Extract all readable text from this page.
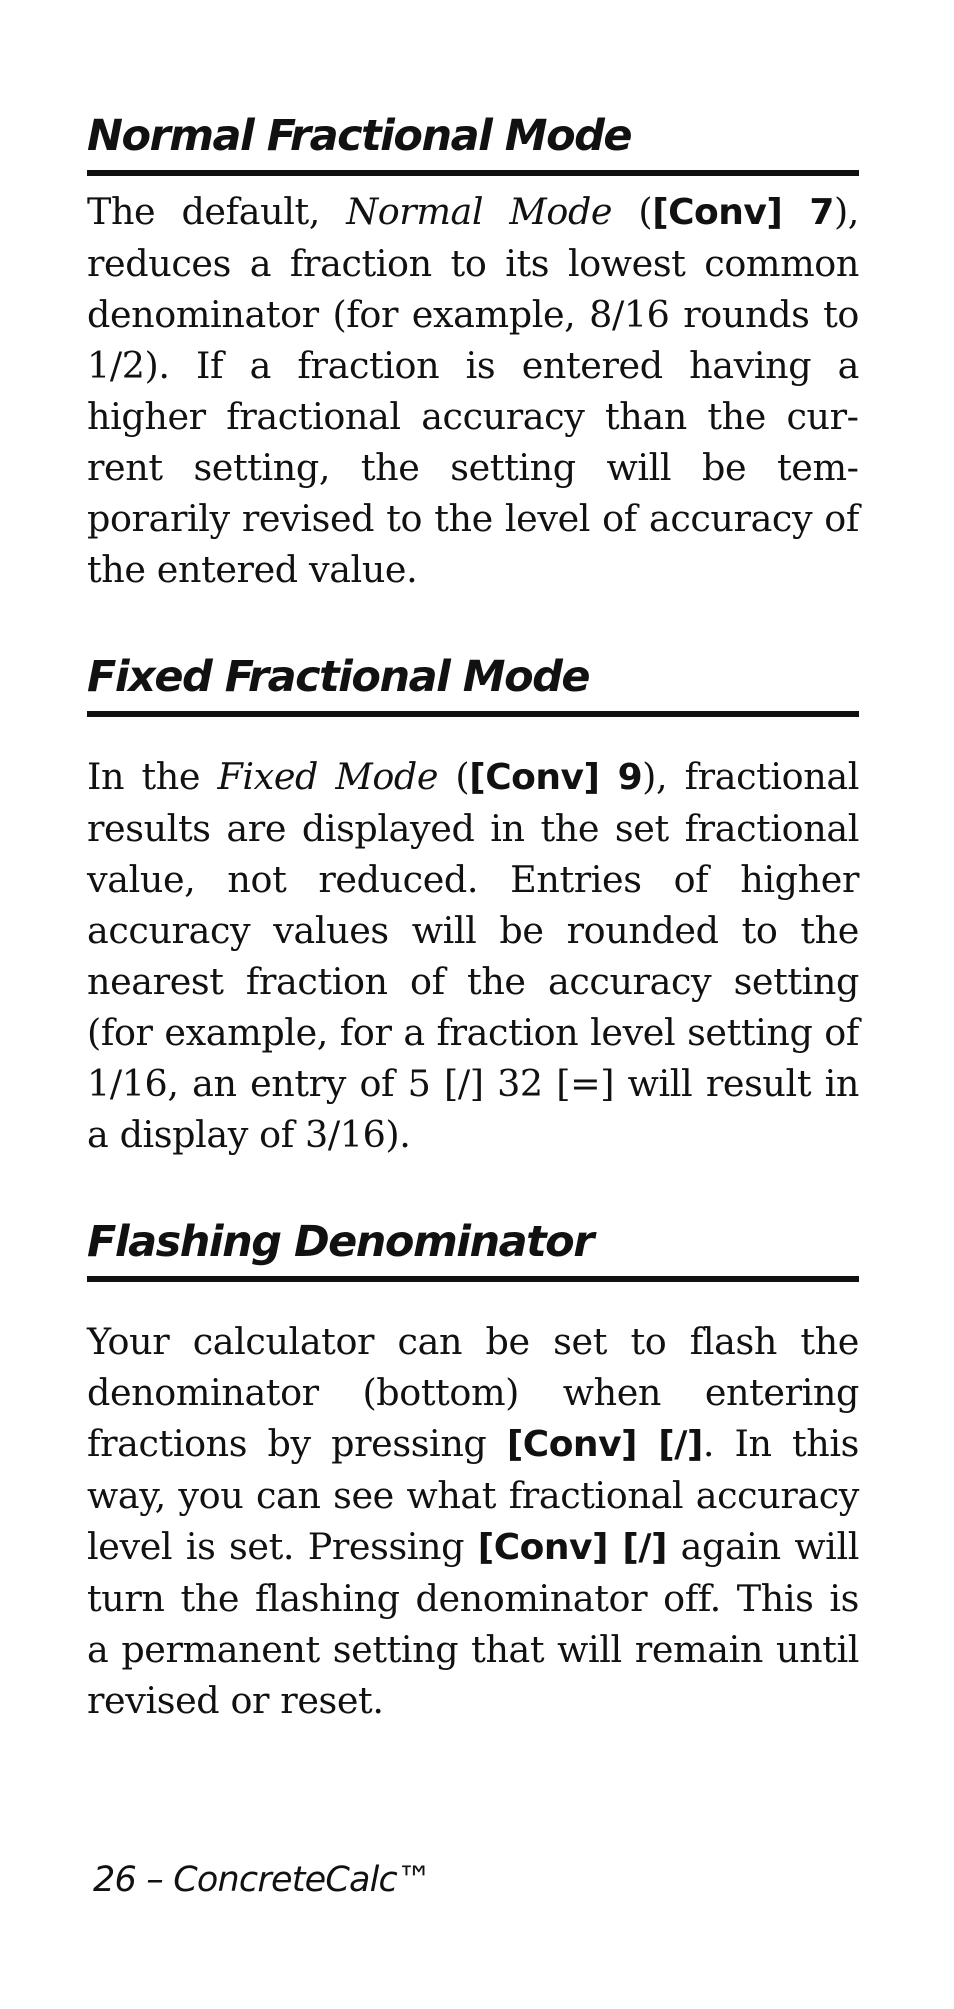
Normal Fractional Mode

The default, Normal Mode ([Conv] 7), reduces a fraction to its lowest common denominator (for example, 8/16 rounds to 1/2). If a fraction is entered having a higher fractional accuracy than the current setting, the setting will be temporarily revised to the level of accuracy of the entered value.

Fixed Fractional Mode

In the Fixed Mode ([Conv] 9), fractional results are displayed in the set fractional value, not reduced. Entries of higher accuracy values will be rounded to the nearest fraction of the accuracy setting (for example, for a fraction level setting of 1/16, an entry of 5 [/] 32 [=] will result in a display of 3/16).

Flashing Denominator

Your calculator can be set to flash the denominator (bottom) when entering fractions by pressing [Conv] [/]. In this way, you can see what fractional accuracy level is set. Pressing [Conv] [/] again will turn the flashing denominator off. This is a permanent setting that will remain until revised or reset.

26 – ConcreteCalc™
